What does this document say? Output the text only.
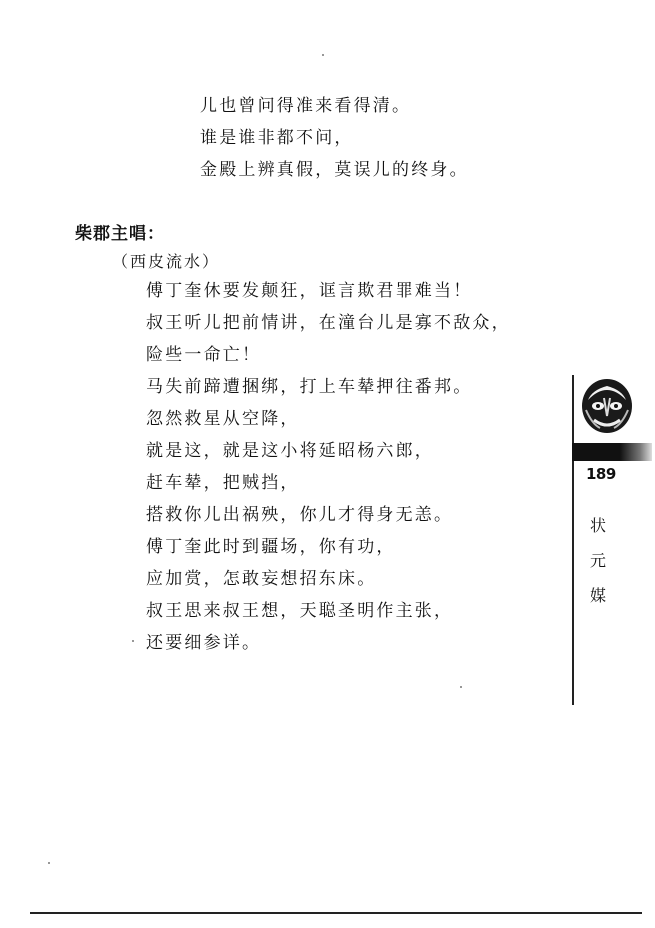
儿也曾问得准来看得清。
谁是谁非都不问，
金殿上辨真假，莫误儿的终身。
柴郡主唱：
（西皮流水）
傅丁奎休要发颠狂，诓言欺君罪难当！
叔王听儿把前情讲，在潼台儿是寡不敌众，
险些一命亡！
马失前蹄遭捆绑，打上车辇押往番邦。
忽然救星从空降，
就是这，就是这小将延昭杨六郎，
赶车辇，把贼挡，
搭救你儿出祸殃，你儿才得身无恙。
傅丁奎此时到疆场，你有功，
应加赏，怎敢妄想招东床。
叔王思来叔王想，天聪圣明作主张，
还要细参详。
189
状
元
媒
